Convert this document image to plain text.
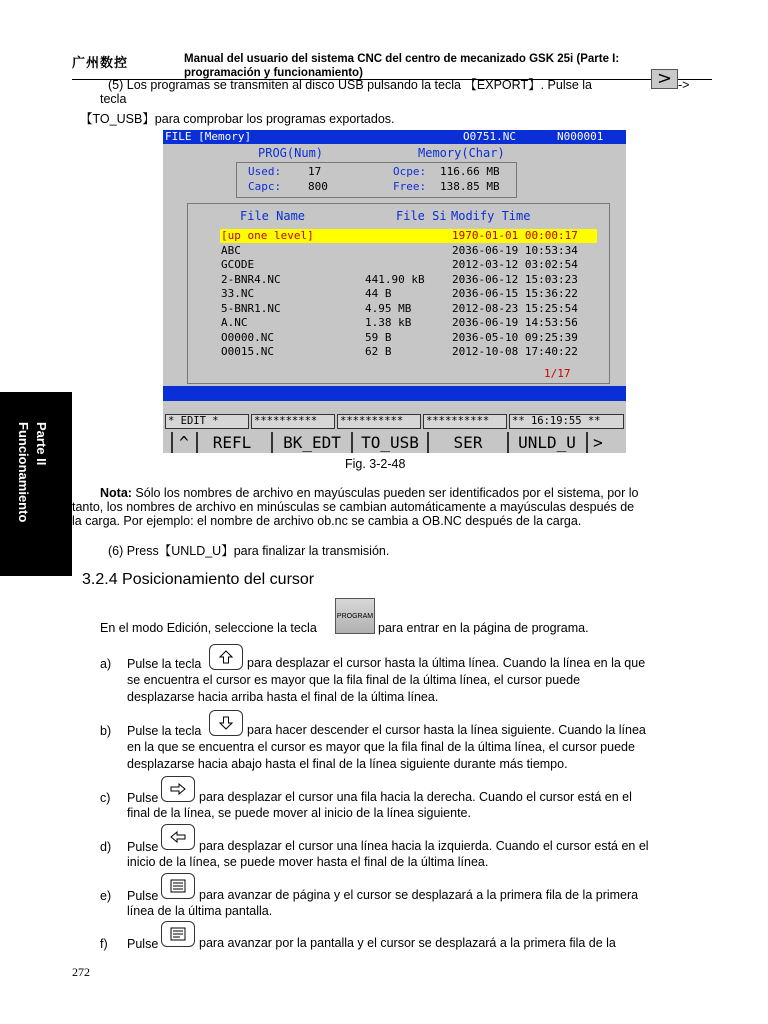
广州数控	Manual del usuario del sistema CNC del centro de mecanizado GSK 25i (Parte I:
programación y funcionamiento)
(5) Los programas se transmiten al disco USB pulsando la tecla 【EXPORT】. Pulse la	> ->
tecla
【TO_USB】para comprobar los programas exportados.
FILE [Memory]	O0751.NC	N000001
PROG(Num)	Memory(Char)
Used: 17
Capc: 800
Ocpe: 116.66 MB
Free: 138.85 MB
File Name	File Si Modify Time
[up one level]	1970-01-01 00:00:17
ABC	2036-06-19 10:53:34
GCODE	2012-03-12 03:02:54
2-BNR4.NC	441.90 kB 2036-06-12 15:03:23
33.NC	44 B	2036-06-15 15:36:22
5-BNR1.NC	4.95 MB	2012-08-23 15:25:54
A.NC	1.38 kB	2036-06-19 14:53:56
O0000.NC	59 B	2036-05-10 09:25:39
O0015.NC	62 B	2012-10-08 17:40:22
1/17
* EDIT *	**********	**********	**********	** 16:19:55 **
^	REFL	BK_EDT	TO_USB	SER	UNLD_U	>
Fig. 3-2-48
Nota: Sólo los nombres de archivo en mayúsculas pueden ser identificados por el sistema, por lo
tanto, los nombres de archivo en minúsculas se cambian automáticamente a mayúsculas después de
la carga. Por ejemplo: el nombre de archivo ob.nc se cambia a OB.NC después de la carga.
(6) Press【UNLD_U】para finalizar la transmisión.
Parte II
Funcionamiento
3.2.4 Posicionamiento del cursor
En el modo Edición, seleccione la tecla
PROGRAM
para entrar en la página de programa.
a) Pulse la tecla	para desplazar el cursor hasta la última línea. Cuando la línea en la que
se encuentra el cursor es mayor que la fila final de la última línea, el cursor puede
desplazarse hacia arriba hasta el final de la última línea.
b) Pulse la tecla	para hacer descender el cursor hasta la línea siguiente. Cuando la línea
en la que se encuentra el cursor es mayor que la fila final de la última línea, el cursor puede
desplazarse hacia abajo hasta el final de la línea siguiente durante más tiempo.
c) Pulse	para desplazar el cursor una fila hacia la derecha. Cuando el cursor está en el
final de la línea, se puede mover al inicio de la línea siguiente.
d) Pulse	para desplazar el cursor una línea hacia la izquierda. Cuando el cursor está en el
inicio de la línea, se puede mover hasta el final de la última línea.
e) Pulse	para avanzar de página y el cursor se desplazará a la primera fila de la primera
línea de la última pantalla.
f) Pulse	para avanzar por la pantalla y el cursor se desplazará a la primera fila de la
272
